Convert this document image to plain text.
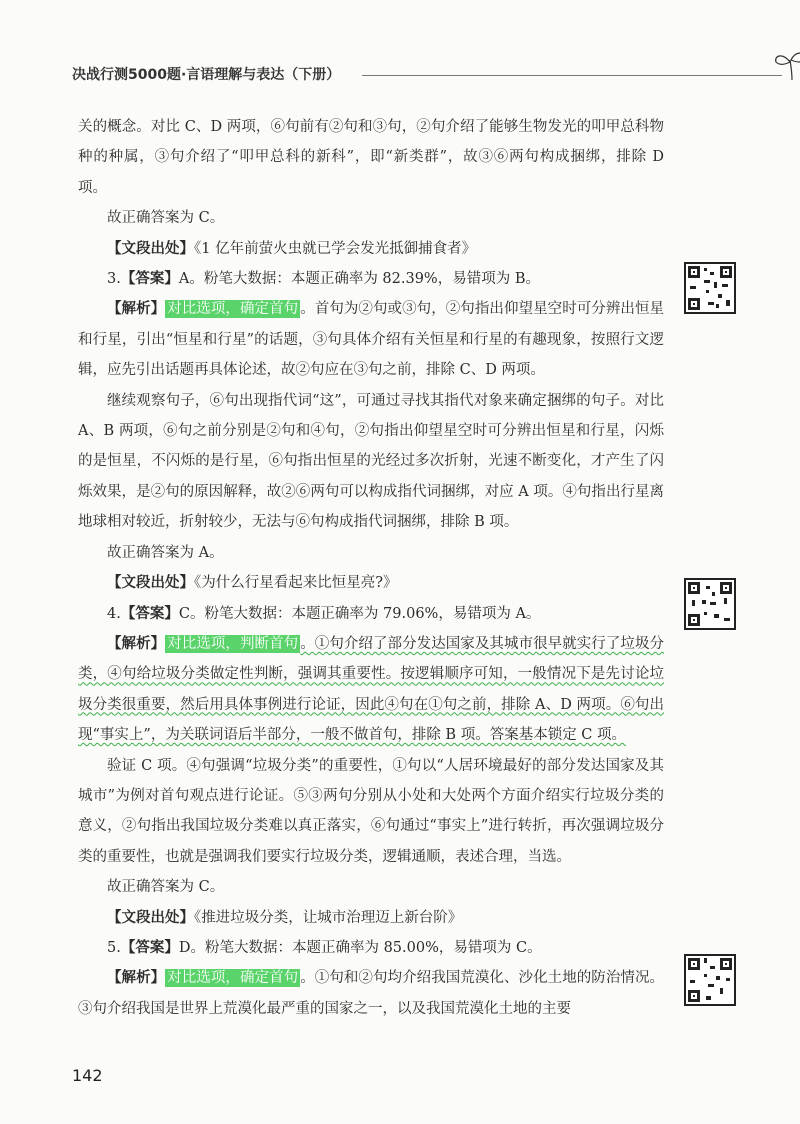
决战行测5000题·言语理解与表达（下册）

关的概念。对比 C、D 两项，⑥句前有②句和③句，②句介绍了能够生物发光的叩甲总科物种的种属，③句介绍了“叩甲总科的新科”，即“新类群”，故③⑥两句构成捆绑，排除 D 项。

故正确答案为 C。

【文段出处】《1 亿年前萤火虫就已学会发光抵御捕食者》

3.【答案】A。粉笔大数据：本题正确率为 82.39%，易错项为 B。

【解析】 对比选项，确定首句 。首句为②句或③句，②句指出仰望星空时可分辨出恒星和行星，引出“恒星和行星”的话题，③句具体介绍有关恒星和行星的有趣现象，按照行文逻辑，应先引出话题再具体论述，故②句应在③句之前，排除 C、D 两项。

继续观察句子，⑥句出现指代词“这”，可通过寻找其指代对象来确定捆绑的句子。对比 A、B 两项，⑥句之前分别是②句和④句，②句指出仰望星空时可分辨出恒星和行星，闪烁的是恒星，不闪烁的是行星，⑥句指出恒星的光经过多次折射，光速不断变化，才产生了闪烁效果，是②句的原因解释，故②⑥两句可以构成指代词捆绑，对应 A 项。④句指出行星离地球相对较近，折射较少，无法与⑥句构成指代词捆绑，排除 B 项。

故正确答案为 A。

【文段出处】《为什么行星看起来比恒星亮?》

4.【答案】C。粉笔大数据：本题正确率为 79.06%，易错项为 A。

【解析】 对比选项，判断首句 。①句介绍了部分发达国家及其城市很早就实行了垃圾分类，④句给垃圾分类做定性判断，强调其重要性。按逻辑顺序可知，一般情况下是先讨论垃圾分类很重要，然后用具体事例进行论证，因此④句在①句之前，排除 A、D 两项。⑥句出现“事实上”，为关联词语后半部分，一般不做首句，排除 B 项。答案基本锁定 C 项。

验证 C 项。④句强调“垃圾分类”的重要性，①句以“人居环境最好的部分发达国家及其城市”为例对首句观点进行论证。⑤③两句分别从小处和大处两个方面介绍实行垃圾分类的意义，②句指出我国垃圾分类难以真正落实，⑥句通过“事实上”进行转折，再次强调垃圾分类的重要性，也就是强调我们要实行垃圾分类，逻辑通顺，表述合理，当选。

故正确答案为 C。

【文段出处】《推进垃圾分类，让城市治理迈上新台阶》

5.【答案】D。粉笔大数据：本题正确率为 85.00%，易错项为 C。

【解析】 对比选项，确定首句 。①句和②句均介绍我国荒漠化、沙化土地的防治情况。③句介绍我国是世界上荒漠化最严重的国家之一，以及我国荒漠化土地的主要

142
